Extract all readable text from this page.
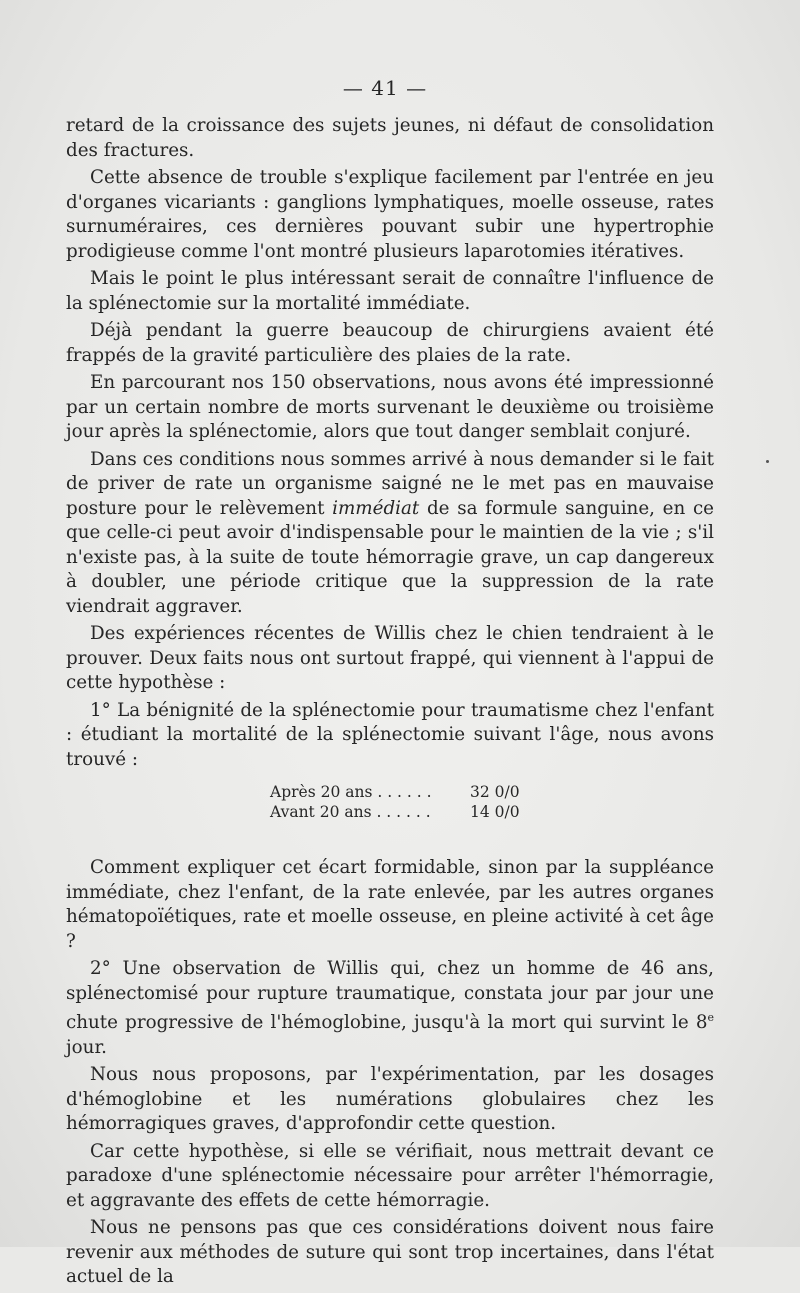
— 41 —

retard de la croissance des sujets jeunes, ni défaut de consolidation des fractures.

Cette absence de trouble s'explique facilement par l'entrée en jeu d'organes vicariants : ganglions lymphatiques, moelle osseuse, rates surnuméraires, ces dernières pouvant subir une hypertrophie prodigieuse comme l'ont montré plusieurs laparotomies itératives.

Mais le point le plus intéressant serait de connaître l'influence de la splénectomie sur la mortalité immédiate.

Déjà pendant la guerre beaucoup de chirurgiens avaient été frappés de la gravité particulière des plaies de la rate.

En parcourant nos 150 observations, nous avons été impressionné par un certain nombre de morts survenant le deuxième ou troisième jour après la splénectomie, alors que tout danger semblait conjuré.

Dans ces conditions nous sommes arrivé à nous demander si le fait de priver de rate un organisme saigné ne le met pas en mauvaise posture pour le relèvement immédiat de sa formule sanguine, en ce que celle-ci peut avoir d'indispensable pour le maintien de la vie ; s'il n'existe pas, à la suite de toute hémorragie grave, un cap dangereux à doubler, une période critique que la suppression de la rate viendrait aggraver.

Des expériences récentes de Willis chez le chien tendraient à le prouver. Deux faits nous ont surtout frappé, qui viennent à l'appui de cette hypothèse :

1° La bénignité de la splénectomie pour traumatisme chez l'enfant : étudiant la mortalité de la splénectomie suivant l'âge, nous avons trouvé :

Après 20 ans . . . . . .	32 0/0
Avant 20 ans . . . . . .	14 0/0

Comment expliquer cet écart formidable, sinon par la suppléance immédiate, chez l'enfant, de la rate enlevée, par les autres organes hématopoïétiques, rate et moelle osseuse, en pleine activité à cet âge ?

2° Une observation de Willis qui, chez un homme de 46 ans, splénectomisé pour rupture traumatique, constata jour par jour une chute progressive de l'hémoglobine, jusqu'à la mort qui survint le 8e jour.

Nous nous proposons, par l'expérimentation, par les dosages d'hémoglobine et les numérations globulaires chez les hémorragiques graves, d'approfondir cette question.

Car cette hypothèse, si elle se vérifiait, nous mettrait devant ce paradoxe d'une splénectomie nécessaire pour arrêter l'hémorragie, et aggravante des effets de cette hémorragie.

Nous ne pensons pas que ces considérations doivent nous faire revenir aux méthodes de suture qui sont trop incertaines, dans l'état actuel de la
